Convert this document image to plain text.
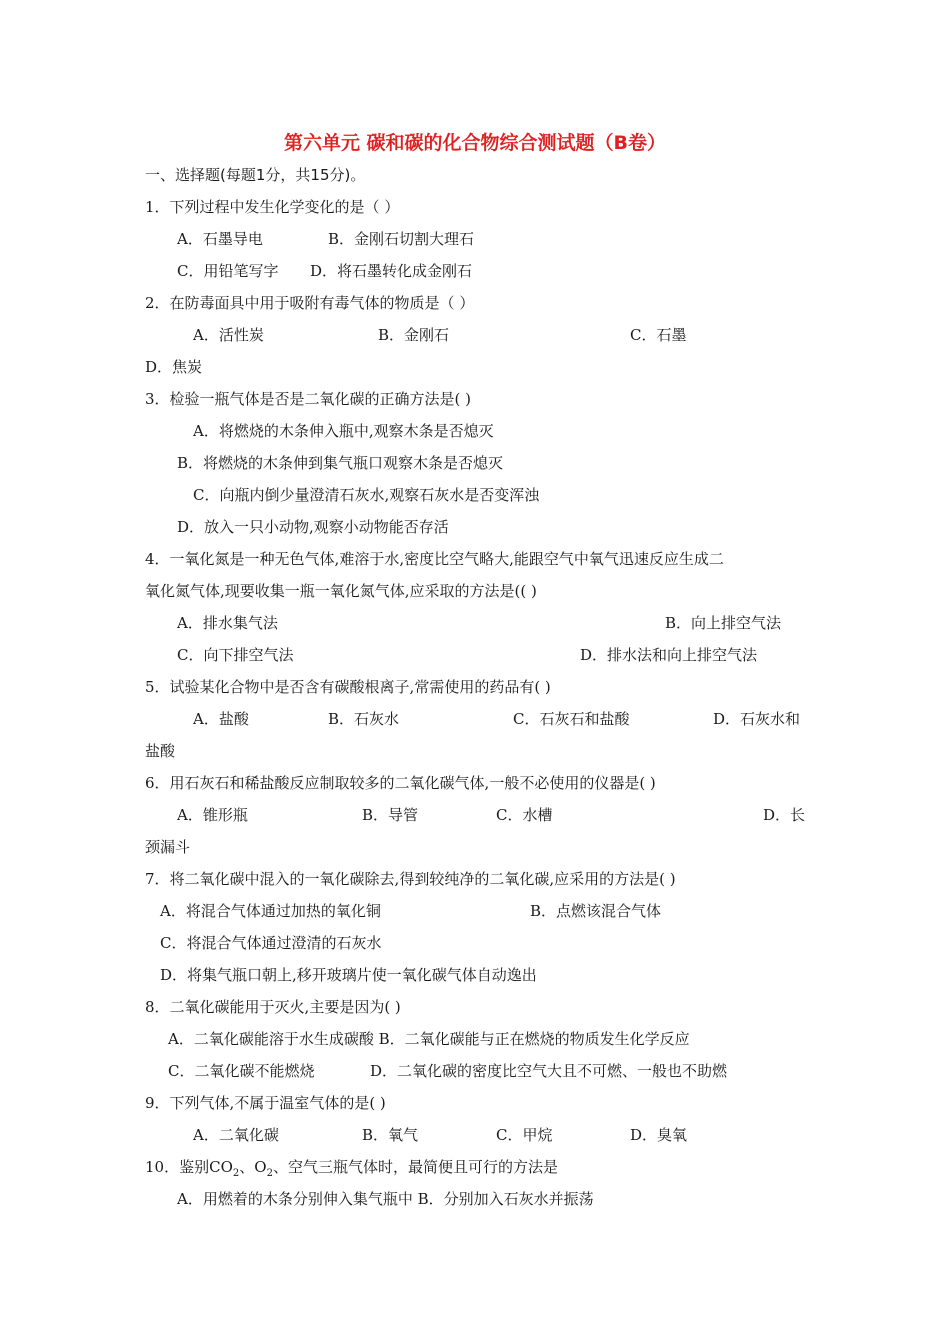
第六单元 碳和碳的化合物综合测试题（B卷）
一、选择题(每题1分，共15分)。
1．下列过程中发生化学变化的是（ ）
A．石墨导电	B．金刚石切割大理石
C．用铅笔写字 D．将石墨转化成金刚石
2．在防毒面具中用于吸附有毒气体的物质是（ ）
A．活性炭	B．金刚石	C．石墨
D．焦炭
3．检验一瓶气体是否是二氧化碳的正确方法是( )
A．将燃烧的木条伸入瓶中,观察木条是否熄灭
B．将燃烧的木条伸到集气瓶口观察木条是否熄灭
C．向瓶内倒少量澄清石灰水,观察石灰水是否变浑浊
D．放入一只小动物,观察小动物能否存活
4．一氧化氮是一种无色气体,难溶于水,密度比空气略大,能跟空气中氧气迅速反应生成二
氧化氮气体,现要收集一瓶一氧化氮气体,应采取的方法是(( )
A．排水集气法	B．向上排空气法
C．向下排空气法	D．排水法和向上排空气法
5．试验某化合物中是否含有碳酸根离子,常需使用的药品有( )
A．盐酸	B．石灰水	C．石灰石和盐酸	D．石灰水和
盐酸
6．用石灰石和稀盐酸反应制取较多的二氧化碳气体,一般不必使用的仪器是( )
A．锥形瓶	B．导管	C．水槽	D．长
颈漏斗
7．将二氧化碳中混入的一氧化碳除去,得到较纯净的二氧化碳,应采用的方法是( )
A．将混合气体通过加热的氧化铜	B．点燃该混合气体
C．将混合气体通过澄清的石灰水
D．将集气瓶口朝上,移开玻璃片使一氧化碳气体自动逸出
8．二氧化碳能用于灭火,主要是因为( )
A．二氧化碳能溶于水生成碳酸 B．二氧化碳能与正在燃烧的物质发生化学反应
C．二氧化碳不能燃烧	D．二氧化碳的密度比空气大且不可燃、一般也不助燃
9．下列气体,不属于温室气体的是( )
A．二氧化碳	B．氧气	C．甲烷	D．臭氧
10．鉴别$CO_2$、$O_2$、空气三瓶气体时，最简便且可行的方法是
A．用燃着的木条分别伸入集气瓶中 B．分别加入石灰水并振荡
